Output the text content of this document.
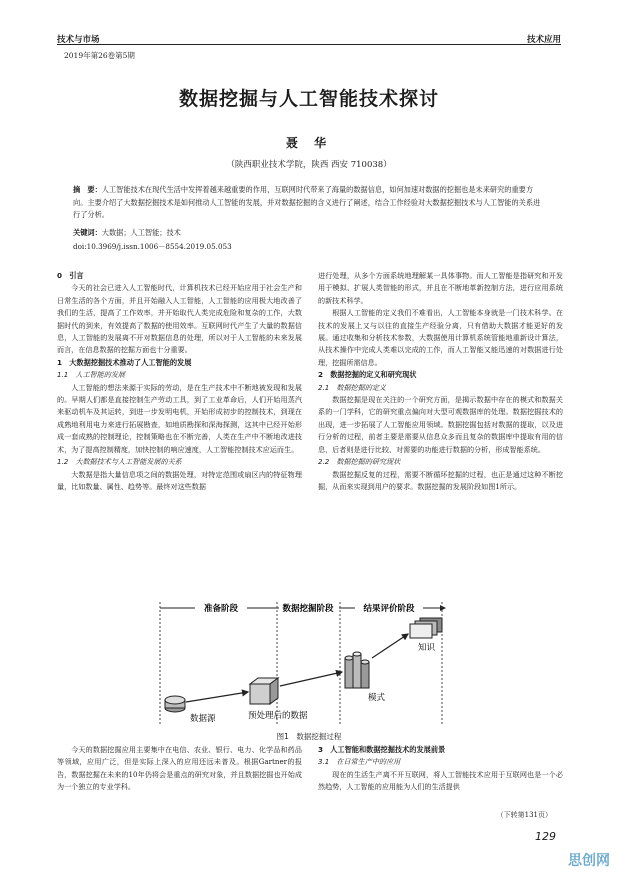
技术与市场	技术应用
2019年第26卷第5期
数据挖掘与人工智能技术探讨
聂 华
（陕西职业技术学院，陕西 西安 710038）
摘　要：人工智能技术在现代生活中发挥着越来越重要的作用，互联网时代带来了海量的数据信息，如何加速对数据的挖掘也是未来研究的重要方向。主要介绍了大数据挖掘技术是如何推动人工智能的发展，并对数据挖掘的含义进行了阐述，结合工作经验对大数据挖掘技术与人工智能的关系进行了分析。
关键词：大数据；人工智能；技术
doi:10.3969/j.issn.1006－8554.2019.05.053

0　引言

今天的社会已进入人工智能时代，计算机技术已经开始应用于社会生产和日常生活的各个方面，并且开始融入人工智能，人工智能的应用极大地改善了我们的生活，提高了工作效率，并开始取代人类完成危险和复杂的工作，大数据时代的到来，有效提高了数据的使用效率。互联网时代产生了大量的数据信息，人工智能的发展离不开对数据信息的处理，所以对于人工智能的未来发展而言，在信息数据的挖掘方面也十分重要。

1　大数据挖掘技术推动了人工智能的发展

1.1　人工智能的发展

人工智能的想法来源于实际的劳动，是在生产技术中不断地被发现和发展的。早期人们都是直接控制生产劳动工具，到了工业革命后，人们开始用蒸汽来驱动机车及其运转，到进一步发明电机，开始形成初步的控制技术，到现在成熟地利用电力来进行拓展勘查，如地质勘探和深海探测，这其中已经开始形成一套成熟的控制理论，控制策略也在不断完善，人类在生产中不断地改进技术，为了提高控制精度，加快控制的响应速度，人工智能控制技术应运而生。

1.2　大数据技术与人工智能发展的关系

大数据是指大量信息项之间的数据处理，对特定范围或扇区内的特征物理量，比如数量、属性、趋势等。最终对这些数据

进行处理，从多个方面系统地理解某一具体事物。而人工智能是指研究和开发用于模拟、扩展人类智能的形式，并且在不断地革新控制方法，进行应用系统的新技术科学。

根据人工智能的定义我们不难看出，人工智能本身就是一门技术科学。在技术的发展上又与以往的直接生产经验分离，只有借助大数据才能更好的发展。通过收集和分析技术参数，大数据使用计算机系统管能地重新设计算法，从技术操作中完成人类难以完成的工作，而人工智能又能迅速的对数据进行处理，挖掘所需信息。

2　数据挖掘的定义和研究现状

2.1　数据挖掘的定义

数据挖掘是现在关注的一个研究方面，是揭示数据中存在的模式和数据关系的一门学科，它的研究重点偏向对大型可观数据库的处理。数据挖掘技术的出现，进一步拓展了人工智能应用领域。数据挖掘包括对数据的提取，以及进行分析的过程，前者主要是需要从信息众多而且复杂的数据库中提取有用的信息，后者则是进行比较、对需要的功能进行数据的分析，形成智能系统。

2.2　数据挖掘的研究现状

数据挖掘反复的过程，需要不断循环挖掘的过程，也正是通过这种不断挖掘，从而来实现到用户的要求。数据挖掘的发展阶段如图1所示。

准备阶段	数据挖掘阶段	结果评价阶段
数据源	预处理后的数据
模式
知识
图1　数据挖掘过程

今天的数据挖掘应用主要集中在电信、农业、银行、电力、化学品和药品等领域，应用广泛，但是实际上深入的应用还远未普及。根据Gartner的报告，数据挖掘在未来的10年仍将会是重点的研究对象，并且数据挖掘也开始成为一个独立的专业学科。

3　人工智能和数据挖掘技术的发展前景

3.1　在日常生产中的应用

现在的生活生产离不开互联网，将人工智能技术应用于互联网也是一个必然趋势，人工智能的应用能为人们的生活提供

（下转第131页）
129
思创网
